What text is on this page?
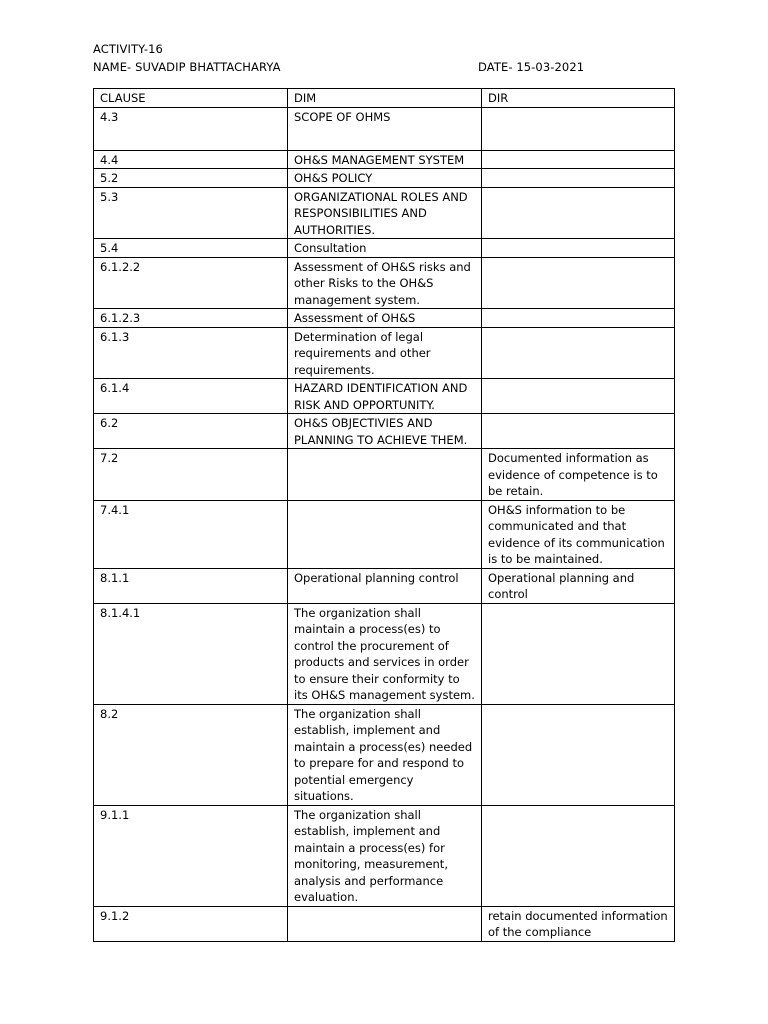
ACTIVITY-16
NAME- SUVADIP BHATTACHARYA	DATE- 15-03-2021
CLAUSE	DIM	DIR
4.3	SCOPE OF OHMS	
4.4	OH&S MANAGEMENT SYSTEM	
5.2	OH&S POLICY	
5.3	ORGANIZATIONAL ROLES AND RESPONSIBILITIES AND AUTHORITIES.	
5.4	Consultation	
6.1.2.2	Assessment of OH&S risks and other Risks to the OH&S management system.	
6.1.2.3	Assessment of OH&S	
6.1.3	Determination of legal requirements and other requirements.	
6.1.4	HAZARD IDENTIFICATION AND RISK AND OPPORTUNITY.	
6.2	OH&S OBJECTIVIES AND PLANNING TO ACHIEVE THEM.	
7.2		Documented information as evidence of competence is to be retain.
7.4.1		OH&S information to be communicated and that evidence of its communication is to be maintained.
8.1.1	Operational planning control	Operational planning and control
8.1.4.1	The organization shall maintain a process(es) to control the procurement of products and services in order to ensure their conformity to its OH&S management system.	
8.2	The organization shall establish, implement and maintain a process(es) needed to prepare for and respond to potential emergency situations.	
9.1.1	The organization shall establish, implement and maintain a process(es) for monitoring, measurement, analysis and performance evaluation.	
9.1.2		retain documented information of the compliance
